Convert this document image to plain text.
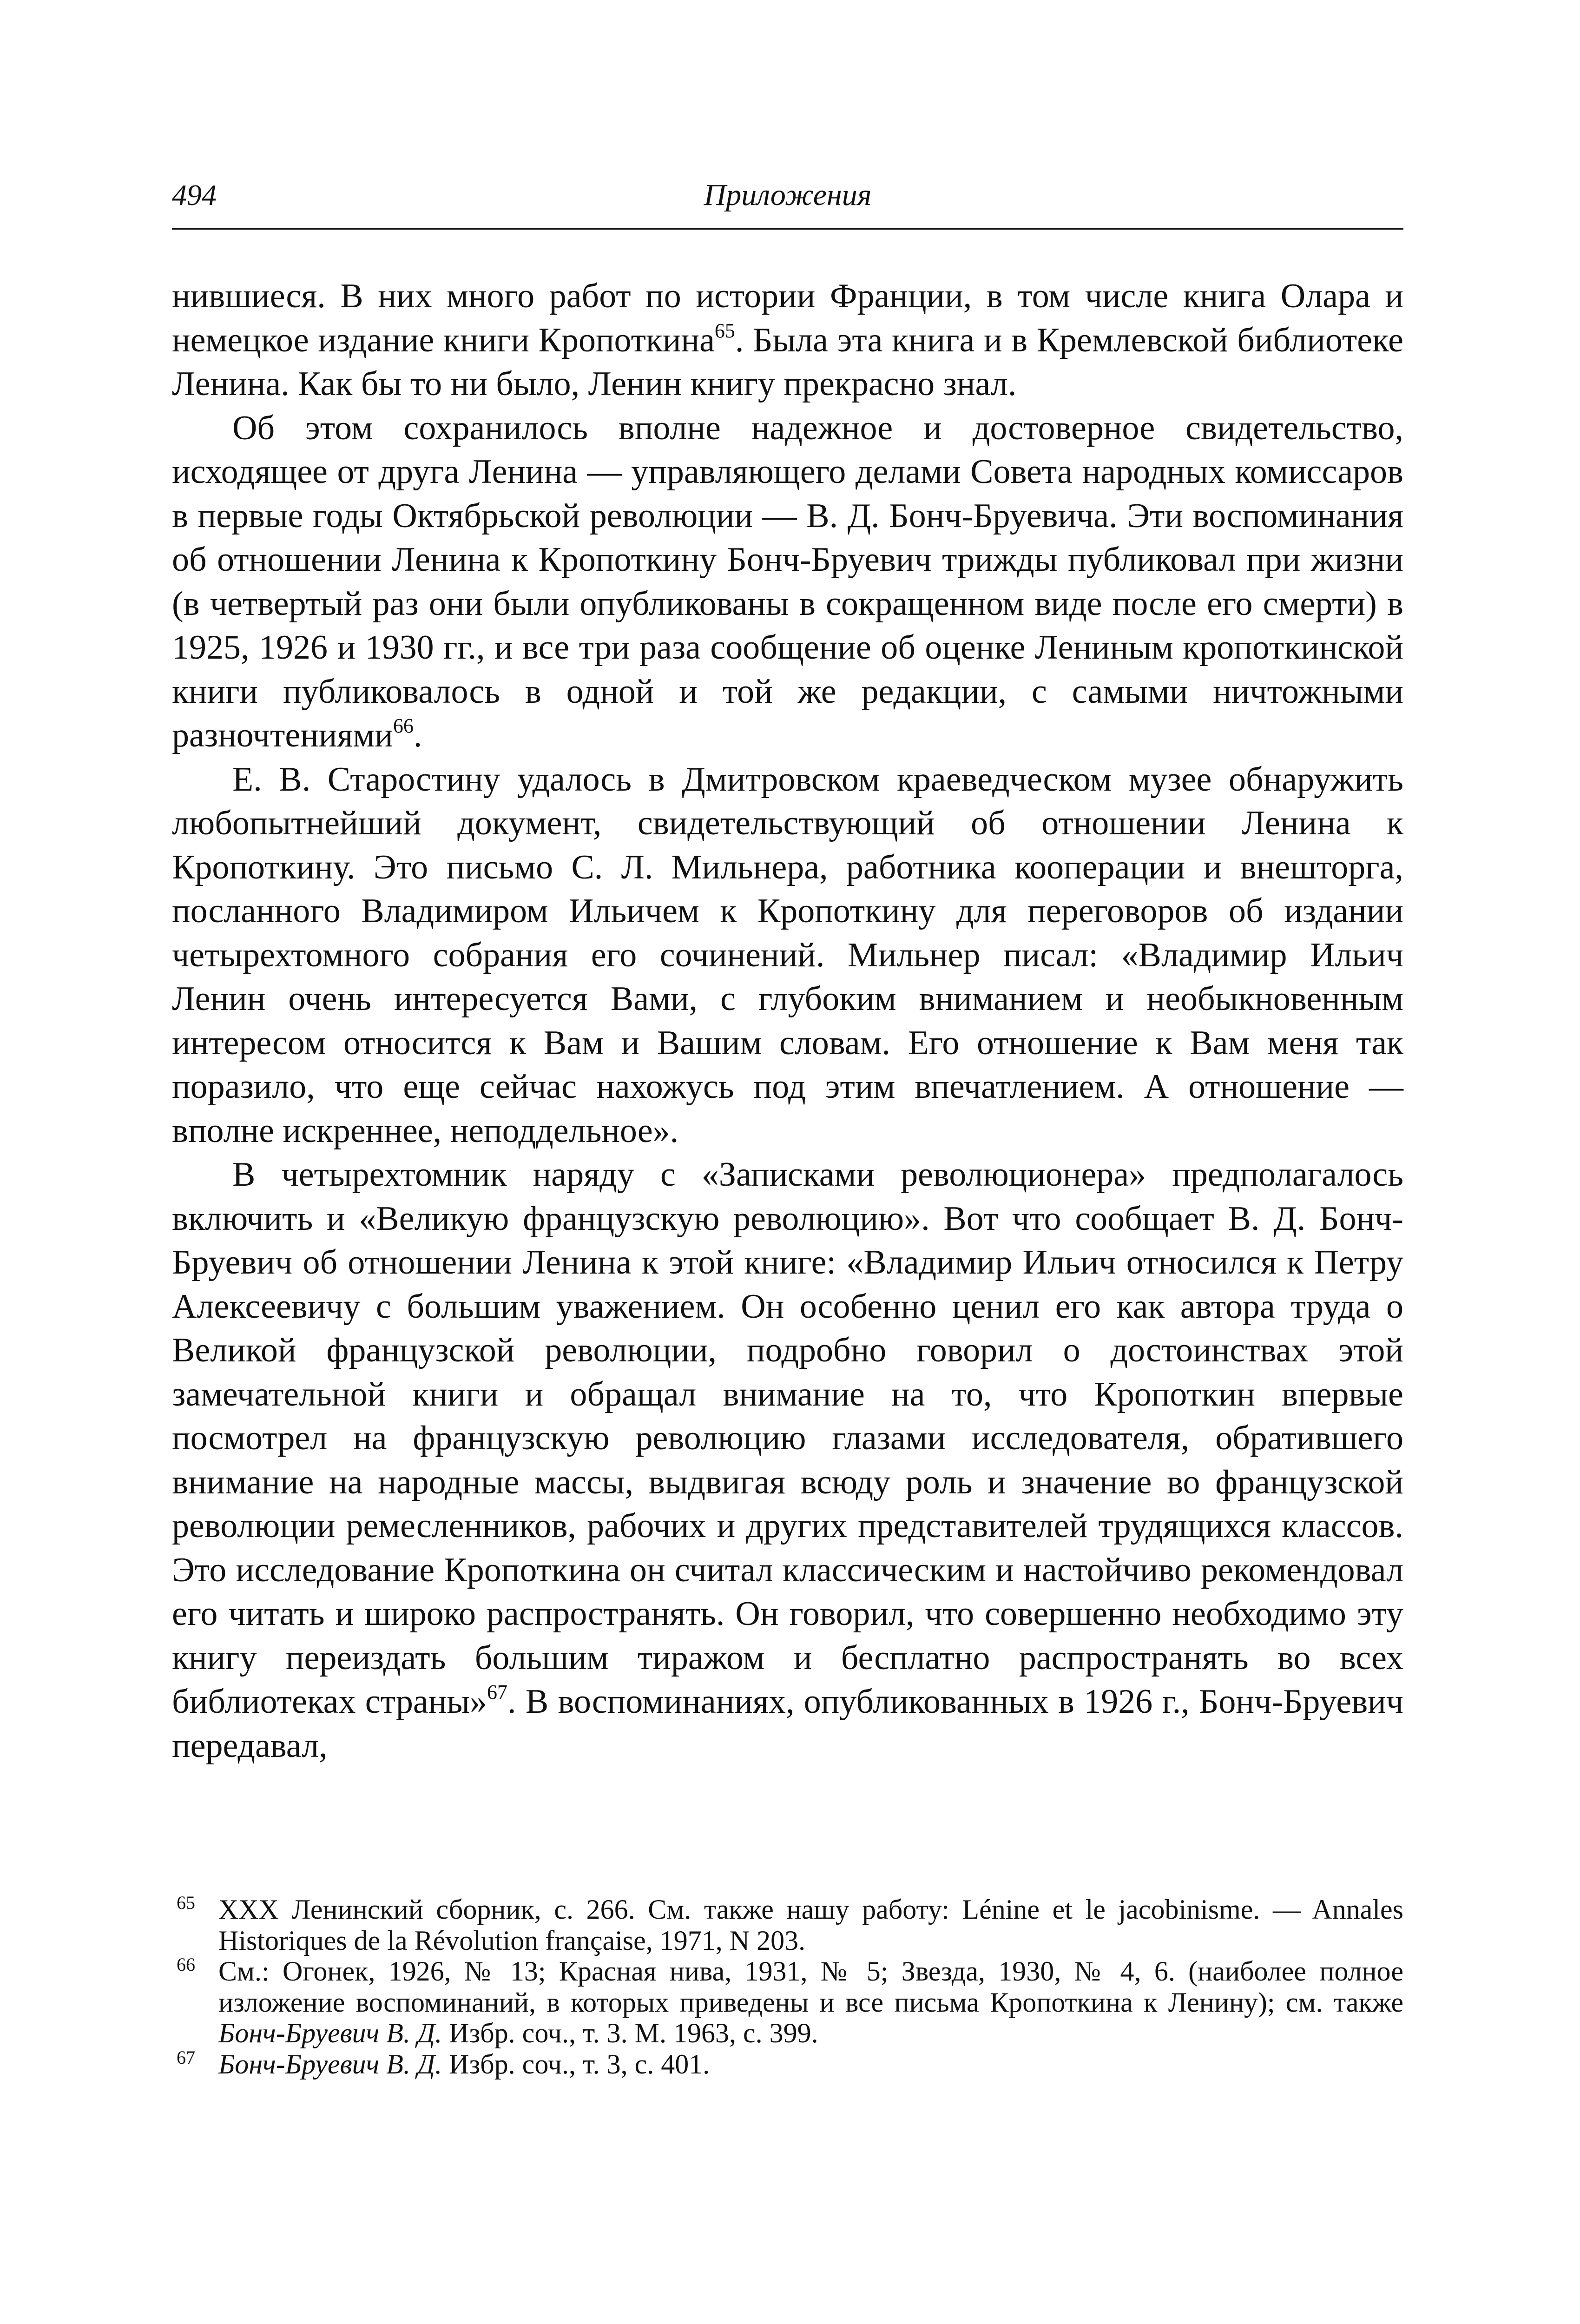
494	Приложения

нившиеся. В них много работ по истории Франции, в том числе книга Олара и немецкое издание книги Кропоткина$^{65}$. Была эта книга и в Кремлевской библиотеке Ленина. Как бы то ни было, Ленин книгу прекрасно знал.

Об этом сохранилось вполне надежное и достоверное свидетельство, исходящее от друга Ленина — управляющего делами Совета народных комиссаров в первые годы Октябрьской революции — В. Д. Бонч-Бруевича. Эти воспоминания об отношении Ленина к Кропоткину Бонч-Бруевич трижды публиковал при жизни (в четвертый раз они были опубликованы в сокращенном виде после его смерти) в 1925, 1926 и 1930 гг., и все три раза сообщение об оценке Лениным кропоткинской книги публиковалось в одной и той же редакции, с самыми ничтожными разночтениями$^{66}$.

Е. В. Старостину удалось в Дмитровском краеведческом музее обнаружить любопытнейший документ, свидетельствующий об отношении Ленина к Кропоткину. Это письмо С. Л. Мильнера, работника кооперации и внешторга, посланного Владимиром Ильичем к Кропоткину для переговоров об издании четырехтомного собрания его сочинений. Мильнер писал: «Владимир Ильич Ленин очень интересуется Вами, с глубоким вниманием и необыкновенным интересом относится к Вам и Вашим словам. Его отношение к Вам меня так поразило, что еще сейчас нахожусь под этим впечатлением. А отношение — вполне искреннее, неподдельное».

В четырехтомник наряду с «Записками революционера» предполагалось включить и «Великую французскую революцию». Вот что сообщает В. Д. Бонч-Бруевич об отношении Ленина к этой книге: «Владимир Ильич относился к Петру Алексеевичу с большим уважением. Он особенно ценил его как автора труда о Великой французской революции, подробно говорил о достоинствах этой замечательной книги и обращал внимание на то, что Кропоткин впервые посмотрел на французскую революцию глазами исследователя, обратившего внимание на народные массы, выдвигая всюду роль и значение во французской революции ремесленников, рабочих и других представителей трудящихся классов. Это исследование Кропоткина он считал классическим и настойчиво рекомендовал его читать и широко распространять. Он говорил, что совершенно необходимо эту книгу переиздать большим тиражом и бесплатно распространять во всех библиотеках страны»$^{67}$. В воспоминаниях, опубликованных в 1926 г., Бонч-Бруевич передавал,

65 XXX Ленинский сборник, с. 266. См. также нашу работу: Lénine et le jacobinisme. — Annales Historiques de la Révolution française, 1971, N 203.

66 См.: Огонек, 1926, № 13; Красная нива, 1931, № 5; Звезда, 1930, № 4, 6. (наиболее полное изложение воспоминаний, в которых приведены и все письма Кропоткина к Ленину); см. также Бонч-Бруевич В. Д. Избр. соч., т. 3. М. 1963, с. 399.

67 Бонч-Бруевич В. Д. Избр. соч., т. 3, с. 401.
